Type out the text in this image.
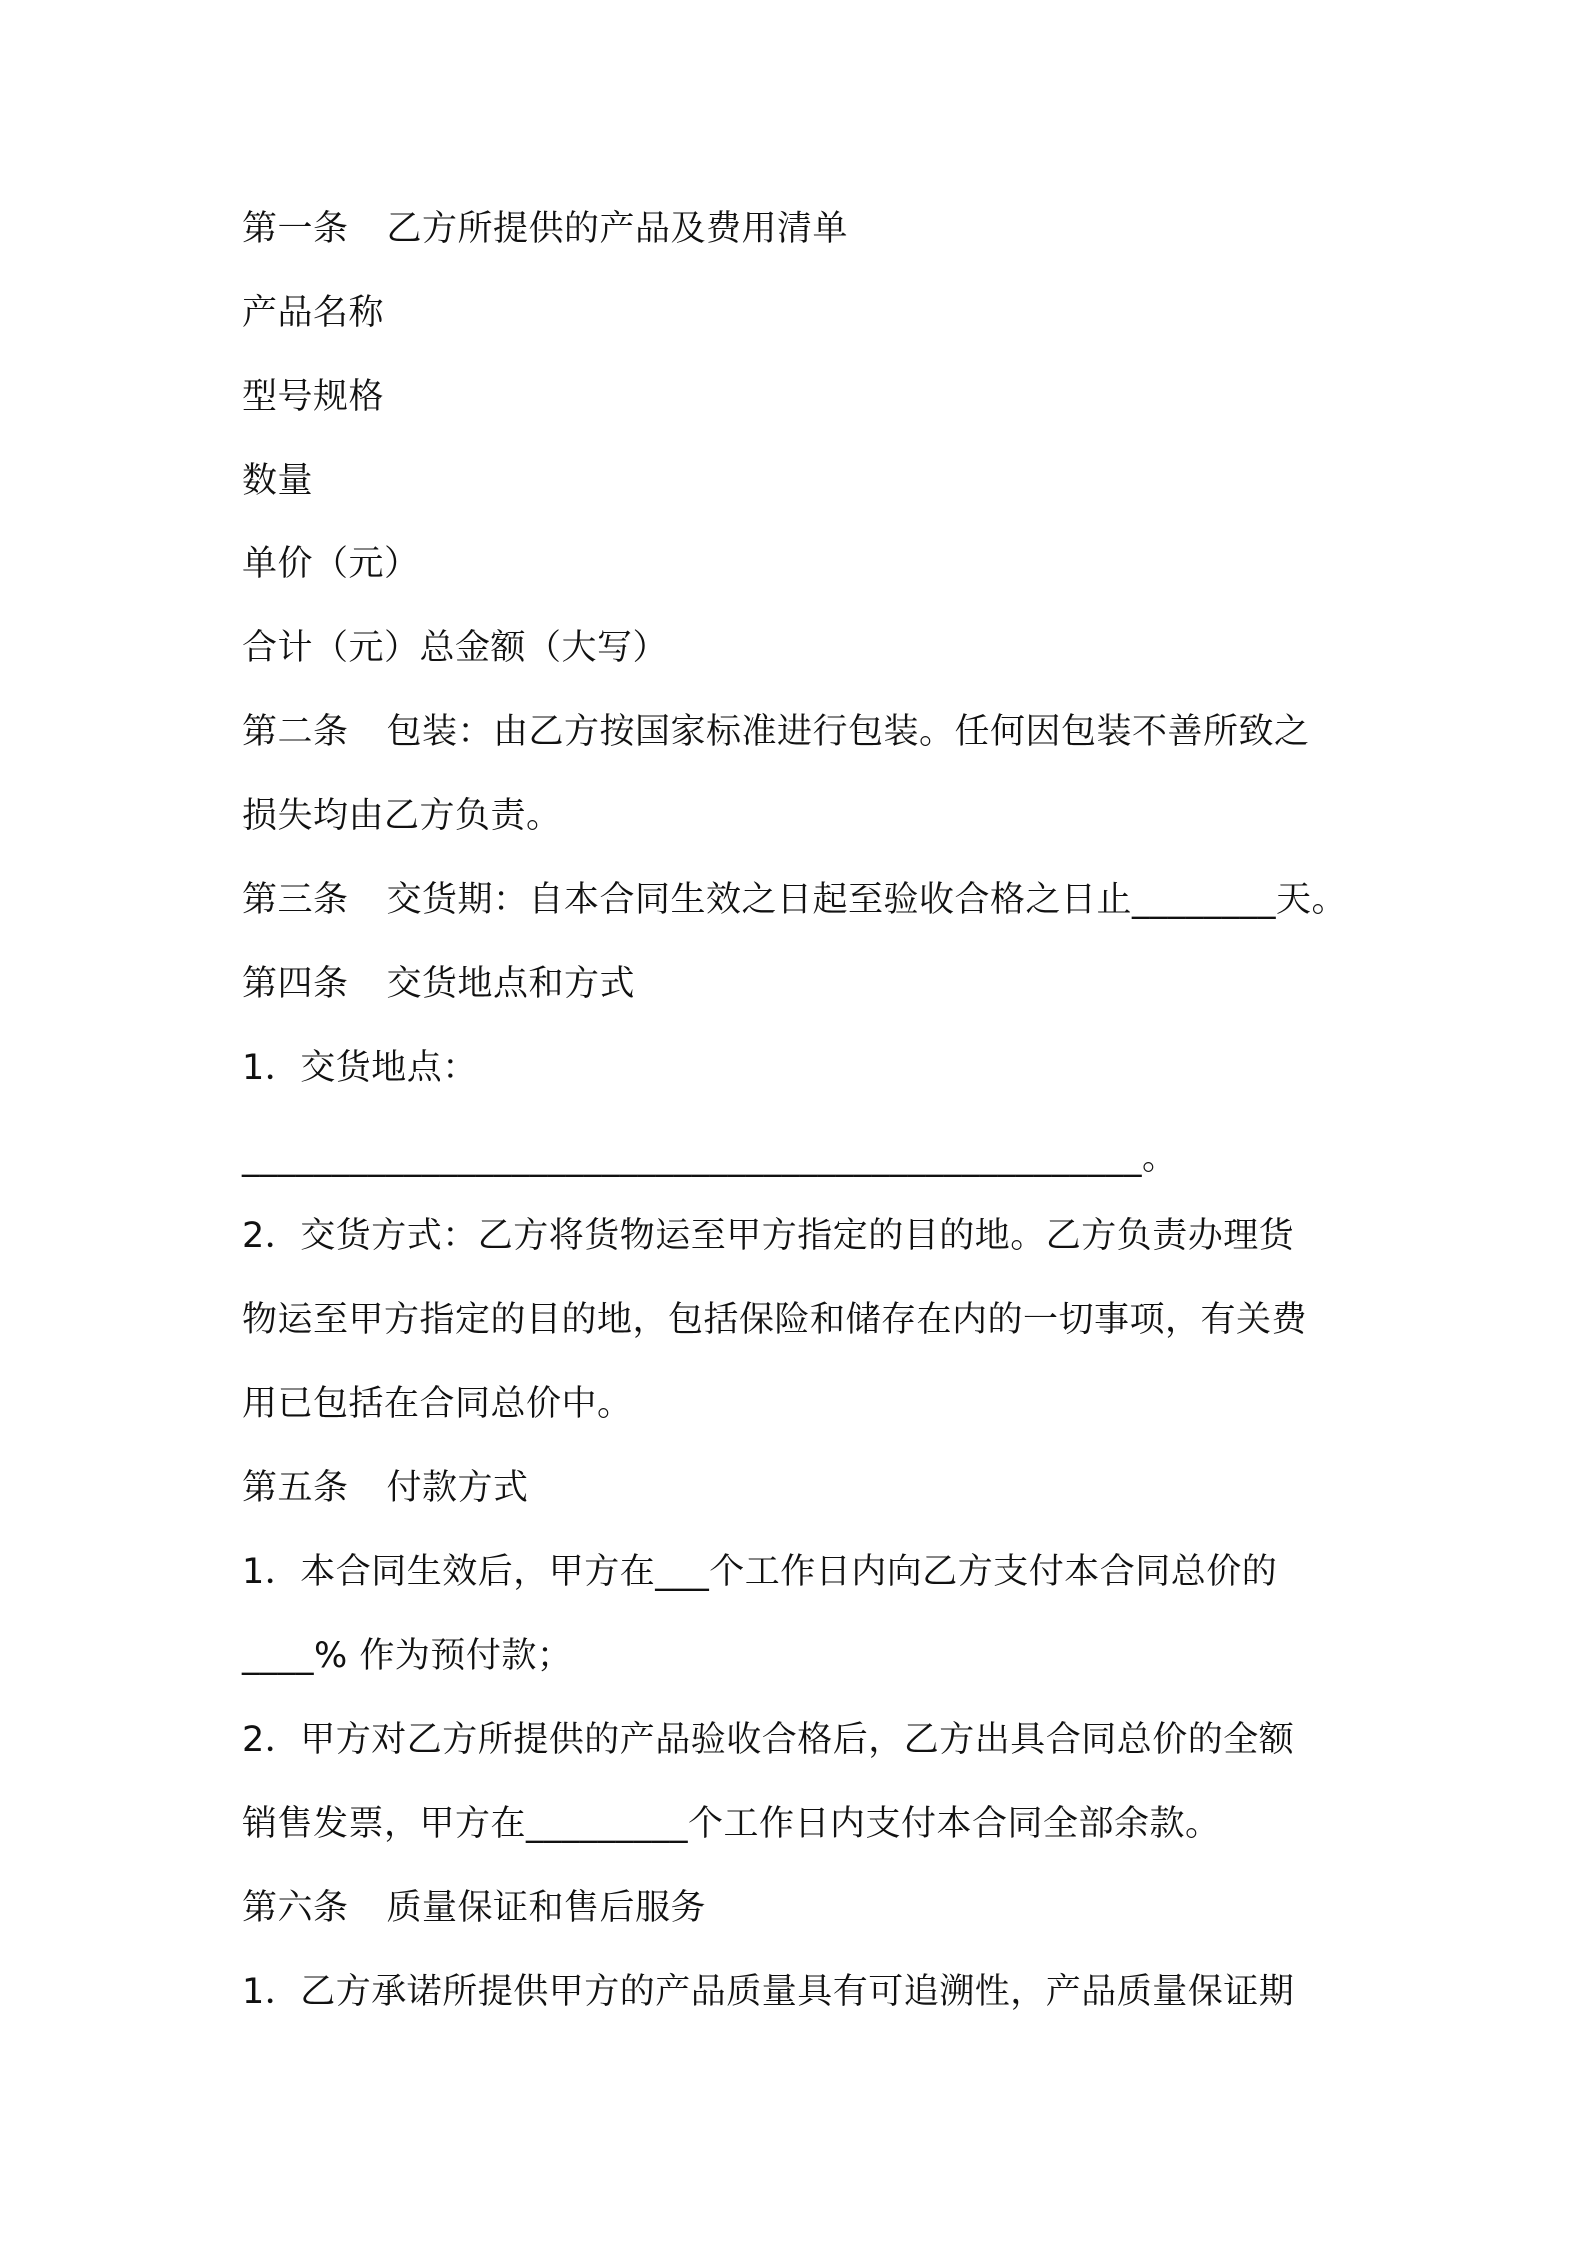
第一条 乙方所提供的产品及费用清单
产品名称
型号规格
数量
单价（元）
合计（元）总金额（大写）
第二条 包装：由乙方按国家标准进行包装。任何因包装不善所致之
损失均由乙方负责。
第三条 交货期：自本合同生效之日起至验收合格之日止________天。
第四条 交货地点和方式
1．交货地点：
__________________________________________________。
2．交货方式：乙方将货物运至甲方指定的目的地。乙方负责办理货
物运至甲方指定的目的地，包括保险和储存在内的一切事项，有关费
用已包括在合同总价中。
第五条 付款方式
1．本合同生效后，甲方在___个工作日内向乙方支付本合同总价的
____% 作为预付款；
2．甲方对乙方所提供的产品验收合格后，乙方出具合同总价的全额
销售发票，甲方在_________个工作日内支付本合同全部余款。
第六条 质量保证和售后服务
1．乙方承诺所提供甲方的产品质量具有可追溯性，产品质量保证期
